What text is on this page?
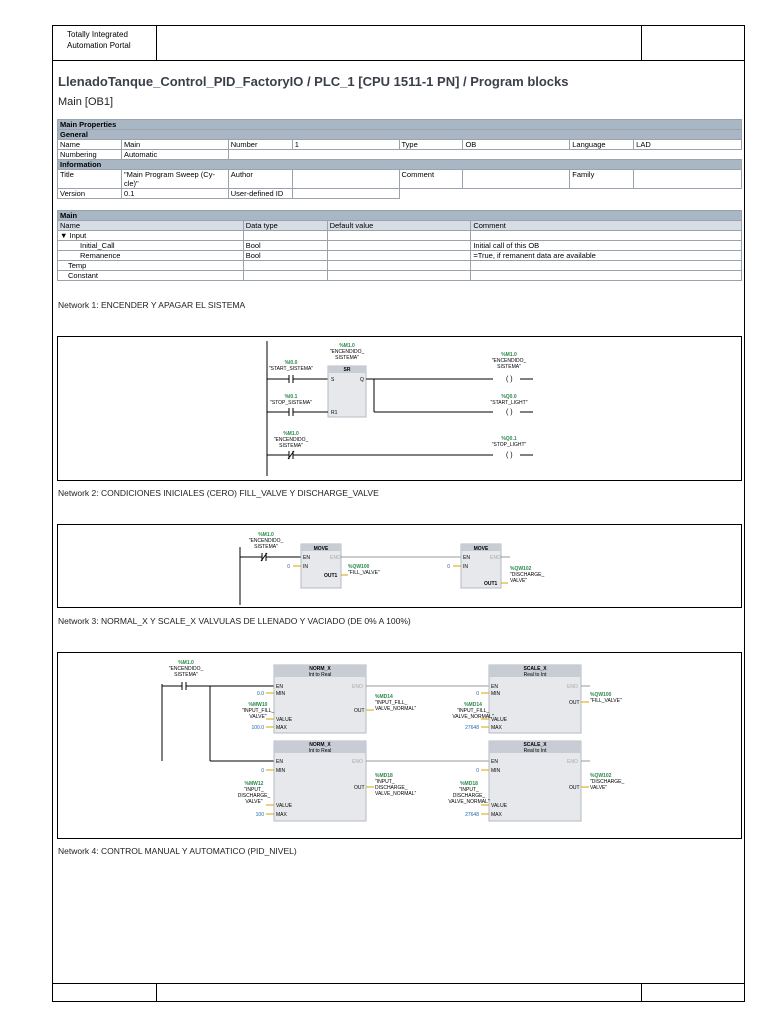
Totally Integrated
Automation Portal
LlenadoTanque_Control_PID_FactoryIO / PLC_1 [CPU 1511-1 PN] / Program blocks
Main [OB1]
Main Properties							
General							
Name	Main	Number	1	Type	OB	Language	LAD
Numbering	Automatic						
Information							
Title	"Main Program Sweep (Cy-
cle)"	Author		Comment		Family	
Version	0.1	User-defined ID					
Main			
Name	Data type	Default value	Comment
▼ Input			
Initial_Call	Bool		Initial call of this OB
Remanence	Bool		=True, if remanent data are available
Temp			
Constant			
Network 1: ENCENDER Y APAGAR EL SISTEMA
Network 2: CONDICIONES INICIALES (CERO) FILL_VALVE Y DISCHARGE_VALVE
Network 3: NORMAL_X Y SCALE_X VALVULAS DE LLENADO Y VACIADO (DE 0% A 100%)
Network 4: CONTROL MANUAL Y AUTOMATICO (PID_NIVEL)
( )
( )
( )
%M1.0
"ENCENDIDO_
SISTEMA"
SR
S	Q
R1
%I0.0
"START_SISTEMA"
%I0.1
"STOP_SISTEMA"
%M1.0
"ENCENDIDO_
SISTEMA"
%M1.0
"ENCENDIDO_
SISTEMA"
%Q0.0
"START_LIGHT"
%Q0.1
"STOP_LIGHT"
%M1.0
"ENCENDIDO_
SISTEMA"	MOVE
EN	ENO
IN
0
OUT1
%QW100
"FILL_VALVE"
MOVE
EN	ENO
IN
0
OUT1
%QW102
"DISCHARGE_
VALVE"
%M1.0
"ENCENDIDO_
SISTEMA"
NORM_X
Int to Real
EN	ENO
MIN
0.0
VALUE
MAX
100.0
OUT
%MW10
"INPUT_FILL_
VALVE"
%MD14
"INPUT_FILL_
VALVE_NORMAL"
SCALE_X
Real to Int
EN	ENO
MIN
0
VALUE
MAX
27648
OUT
%MD14
"INPUT_FILL_
VALVE_NORMAL"
%QW100
"FILL_VALVE"
NORM_X
Int to Real
EN	ENO
MIN
0
VALUE
MAX
100
OUT
%MW12
"INPUT_
DISCHARGE_
VALVE"
%MD18
"INPUT_
DISCHARGE_
VALVE_NORMAL"
SCALE_X
Real to Int
EN	ENO
MIN
0
VALUE
MAX
27648
OUT
%MD18
"INPUT_
DISCHARGE_
VALVE_NORMAL"
%QW102
"DISCHARGE_
VALVE"
